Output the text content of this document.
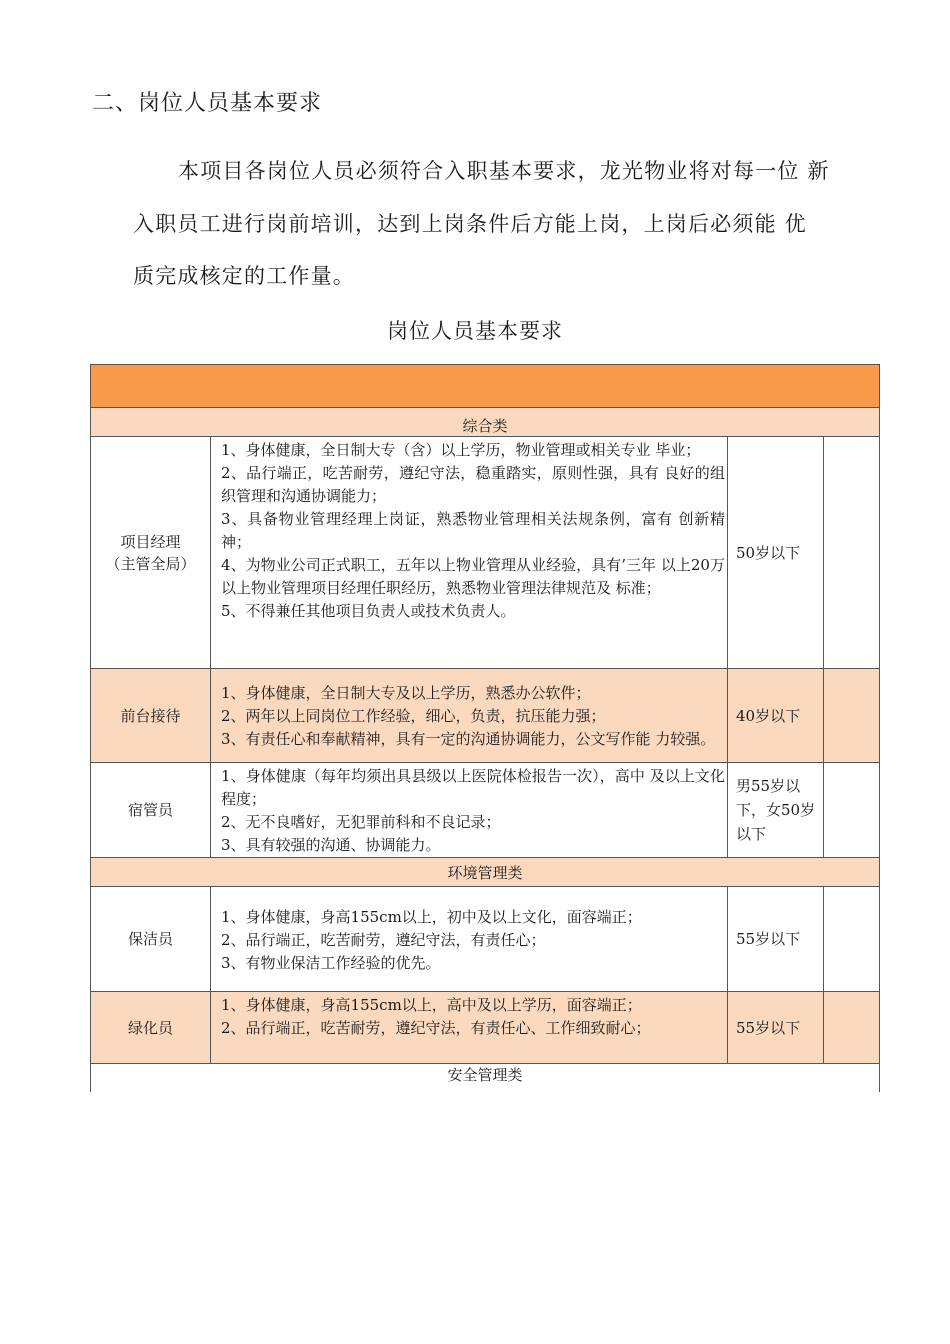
二、岗位人员基本要求
本项目各岗位人员必须符合入职基本要求，龙光物业将对每一位 新
入职员工进行岗前培训，达到上岗条件后方能上岗，上岗后必须能 优
质完成核定的工作量。
岗位人员基本要求

综合类			

项目经理
（主管全局）	1、身体健康，全日制大专（含）以上学历，物业管理或相关专业 毕业；
2、品行端正，吃苦耐劳，遵纪守法，稳重踏实，原则性强，具有 良好的组织管理和沟通协调能力；
3、具备物业管理经理上岗证，熟悉物业管理相关法规条例，富有 创新精神；
4、为物业公司正式职工，五年以上物业管理从业经验，具有’三年 以上20万以上物业管理项目经理任职经历，熟悉物业管理法律规范及 标准；
5、不得兼任其他项目负责人或技术负责人。	50岁以下	
前台接待	1、身体健康，全日制大专及以上学历，熟悉办公软件；
2、两年以上同岗位工作经验，细心，负责，抗压能力强；
3、有责任心和奉献精神，具有一定的沟通协调能力，公文写作能 力较强。	40岁以下	
宿管员	1、身体健康（每年均须出具县级以上医院体检报告一次），高中 及以上文化程度；
2、无不良嗜好，无犯罪前科和不良记录；
3、具有较强的沟通、协调能力。	男55岁以下，女50岁以下	
环境管理类			
保洁员	1、身体健康，身高155cm以上，初中及以上文化，面容端正；
2、品行端正，吃苦耐劳，遵纪守法，有责任心；
3、有物业保洁工作经验的优先。	55岁以下	
绿化员	1、身体健康，身高155cm以上，高中及以上学历，面容端正；
2、品行端正，吃苦耐劳，遵纪守法，有责任心、工作细致耐心；	55岁以下	

安全管理类			
